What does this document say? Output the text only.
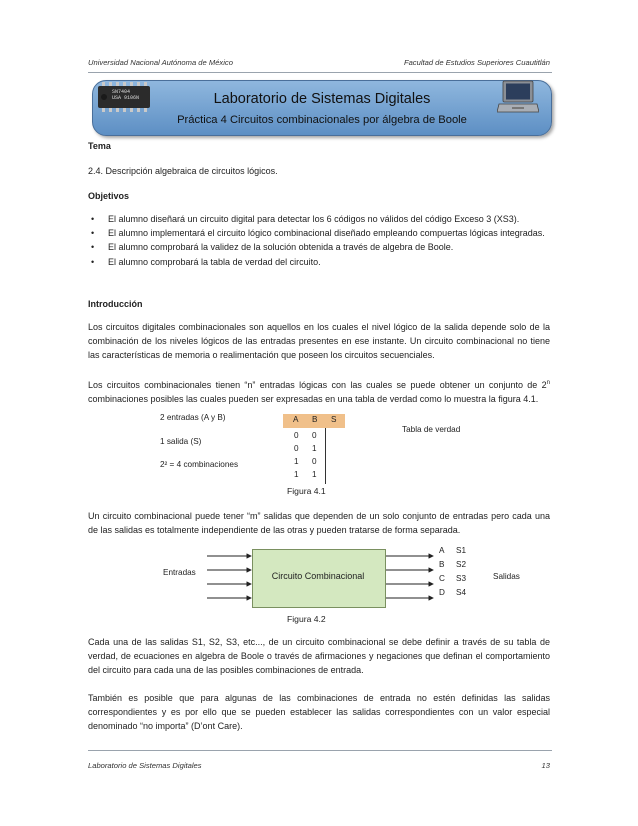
Universidad Nacional Autónoma de México	Facultad de Estudios Superiores Cuautitlán
Laboratorio de Sistemas Digitales
Práctica 4 Circuitos combinacionales por álgebra de Boole
SN7404
USA 9106N
Tema
2.4. Descripción algebraica de circuitos lógicos.
Objetivos
• El alumno diseñará un circuito digital para detectar los 6 códigos no válidos del código Exceso 3 (XS3).
• El alumno implementará el circuito lógico combinacional diseñado empleando compuertas lógicas integradas.
• El alumno comprobará la validez de la solución obtenida a través de algebra de Boole.
• El alumno comprobará la tabla de verdad del circuito.
Introducción
Los circuitos digitales combinacionales son aquellos en los cuales el nivel lógico de la salida depende solo de la combinación de los niveles lógicos de las entradas presentes en ese instante. Un circuito combinacional no tiene las características de memoria o realimentación que poseen los circuitos secuenciales.
Los circuitos combinacionales tienen “n” entradas lógicas con las cuales se puede obtener un conjunto de 2$^n$ combinaciones posibles las cuales pueden ser expresadas en una tabla de verdad como lo muestra la figura 4.1.
2 entradas (A y B)
1 salida (S)
2² = 4 combinaciones
Tabla de verdad
A B S
0 0
0 1
1 0
1 1
Figura 4.1
Un circuito combinacional puede tener “m” salidas que dependen de un solo conjunto de entradas pero cada una de las salidas es totalmente independiente de las otras y pueden tratarse de forma separada.
Entradas	Circuito Combinacional
A
B
C
D
S1
S2
S3
S4
Salidas
Figura 4.2
Cada una de las salidas S1, S2, S3, etc..., de un circuito combinacional se debe definir a través de su tabla de verdad, de ecuaciones en algebra de Boole o través de afirmaciones y negaciones que definan el comportamiento del circuito para cada una de las posibles combinaciones de entrada.
También es posible que para algunas de las combinaciones de entrada no estén definidas las salidas correspondientes y es por ello que se pueden establecer las salidas correspondientes con un valor especial denominado “no importa” (D’ont Care).
Laboratorio de Sistemas Digitales	13
